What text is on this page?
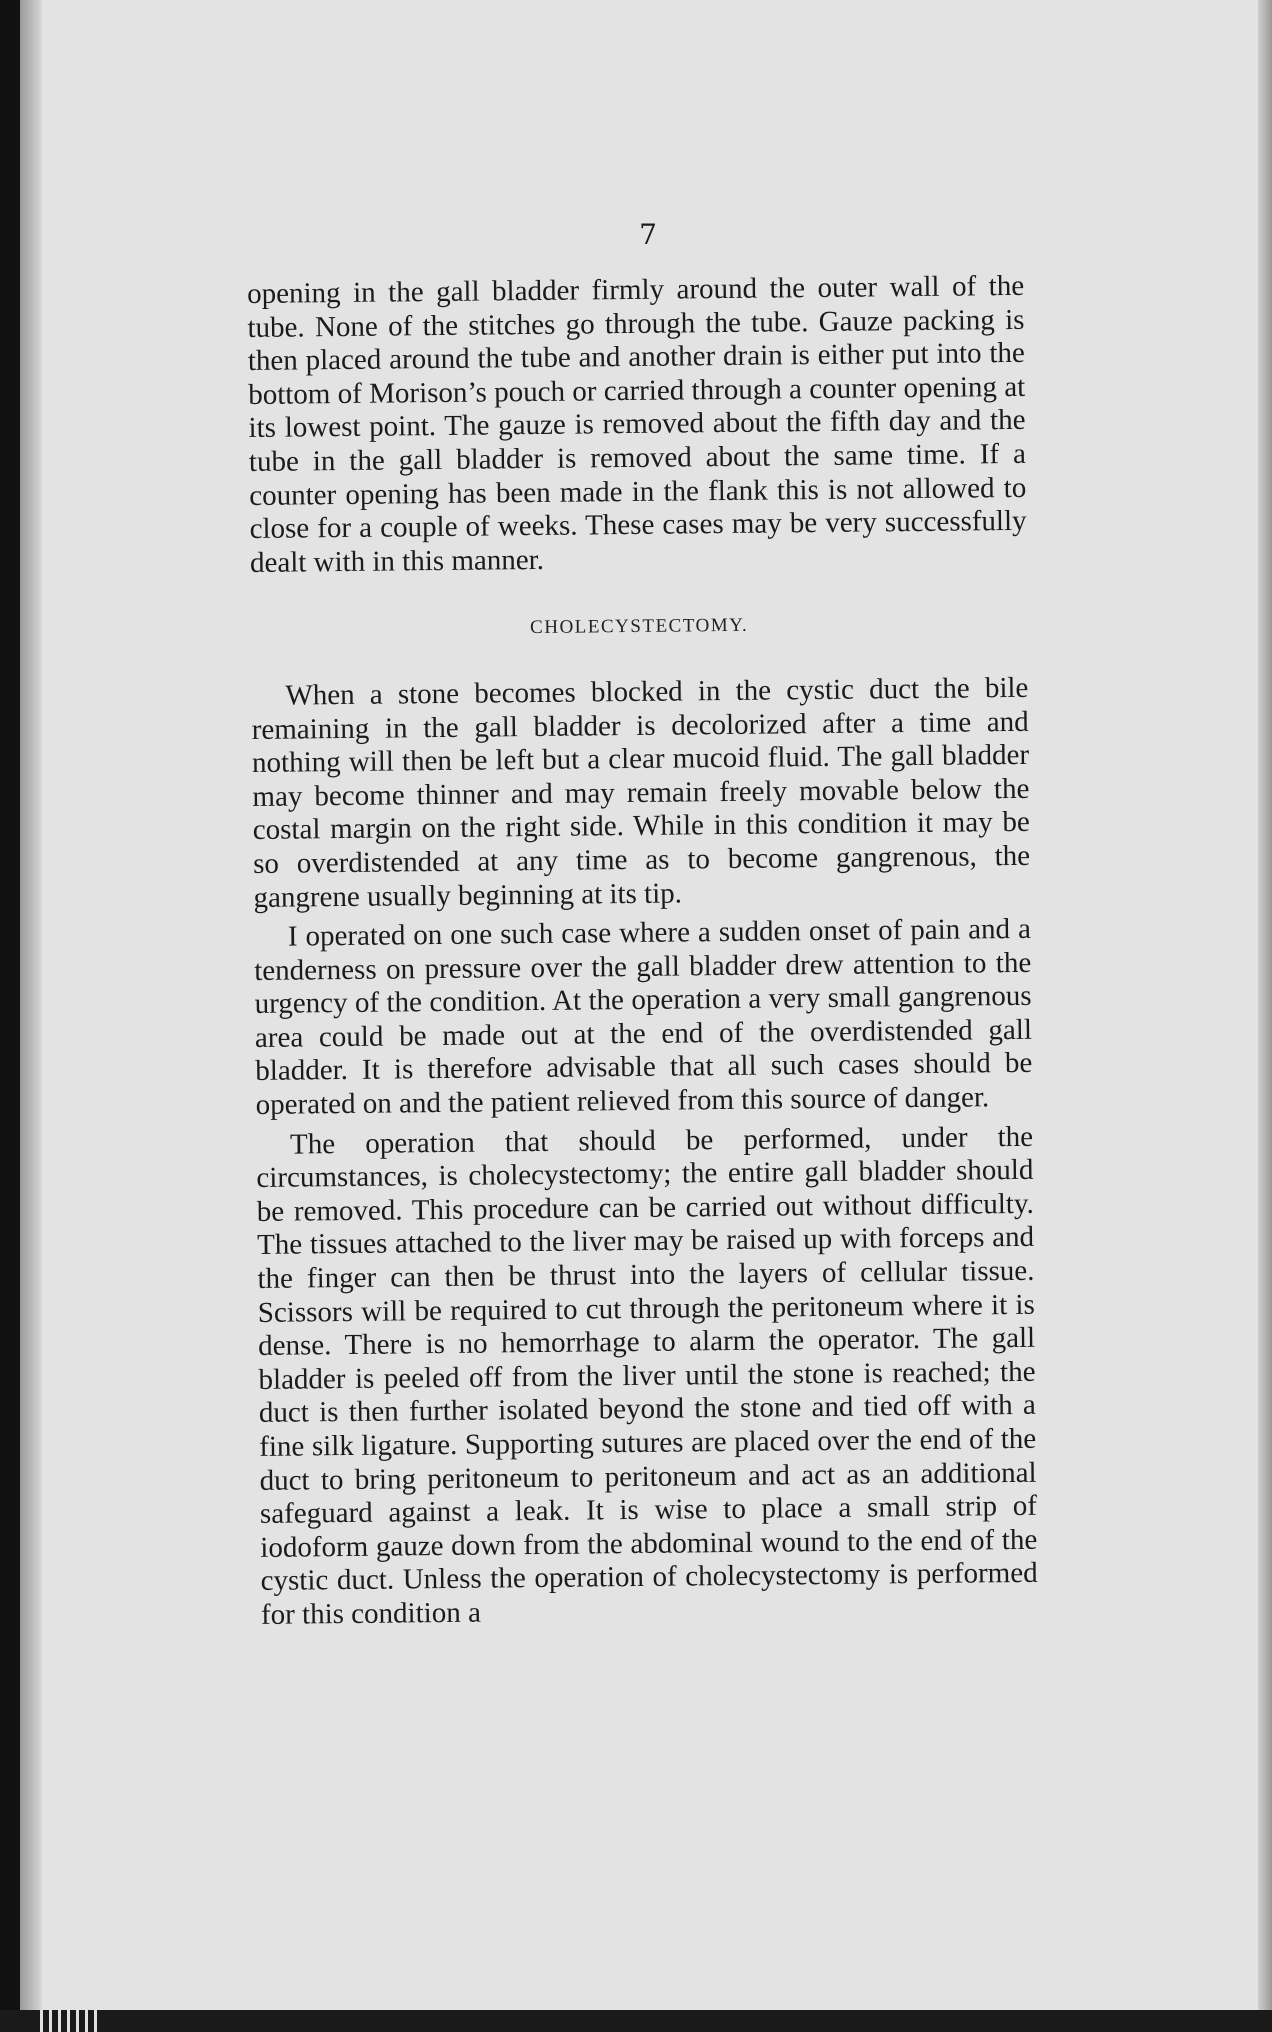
7

opening in the gall bladder firmly around the outer wall of the tube. None of the stitches go through the tube. Gauze packing is then placed around the tube and another drain is either put into the bottom of Morison’s pouch or carried through a counter opening at its lowest point. The gauze is removed about the fifth day and the tube in the gall bladder is removed about the same time. If a counter opening has been made in the flank this is not allowed to close for a couple of weeks. These cases may be very successfully dealt with in this manner.

CHOLECYSTECTOMY.

When a stone becomes blocked in the cystic duct the bile remaining in the gall bladder is decolorized after a time and nothing will then be left but a clear mucoid fluid. The gall bladder may become thinner and may remain freely movable below the costal margin on the right side. While in this condition it may be so overdistended at any time as to become gangrenous, the gangrene usually beginning at its tip.

I operated on one such case where a sudden onset of pain and a tenderness on pressure over the gall bladder drew attention to the urgency of the condition. At the operation a very small gangrenous area could be made out at the end of the overdistended gall bladder. It is therefore advisable that all such cases should be operated on and the patient relieved from this source of danger.

The operation that should be performed, under the circumstances, is cholecystectomy; the entire gall bladder should be removed. This procedure can be carried out without difficulty. The tissues attached to the liver may be raised up with forceps and the finger can then be thrust into the layers of cellular tissue. Scissors will be required to cut through the peritoneum where it is dense. There is no hemorrhage to alarm the operator. The gall bladder is peeled off from the liver until the stone is reached; the duct is then further isolated beyond the stone and tied off with a fine silk ligature. Supporting sutures are placed over the end of the duct to bring peritoneum to peritoneum and act as an additional safeguard against a leak. It is wise to place a small strip of iodoform gauze down from the abdominal wound to the end of the cystic duct. Unless the operation of cholecystectomy is performed for this condition a
